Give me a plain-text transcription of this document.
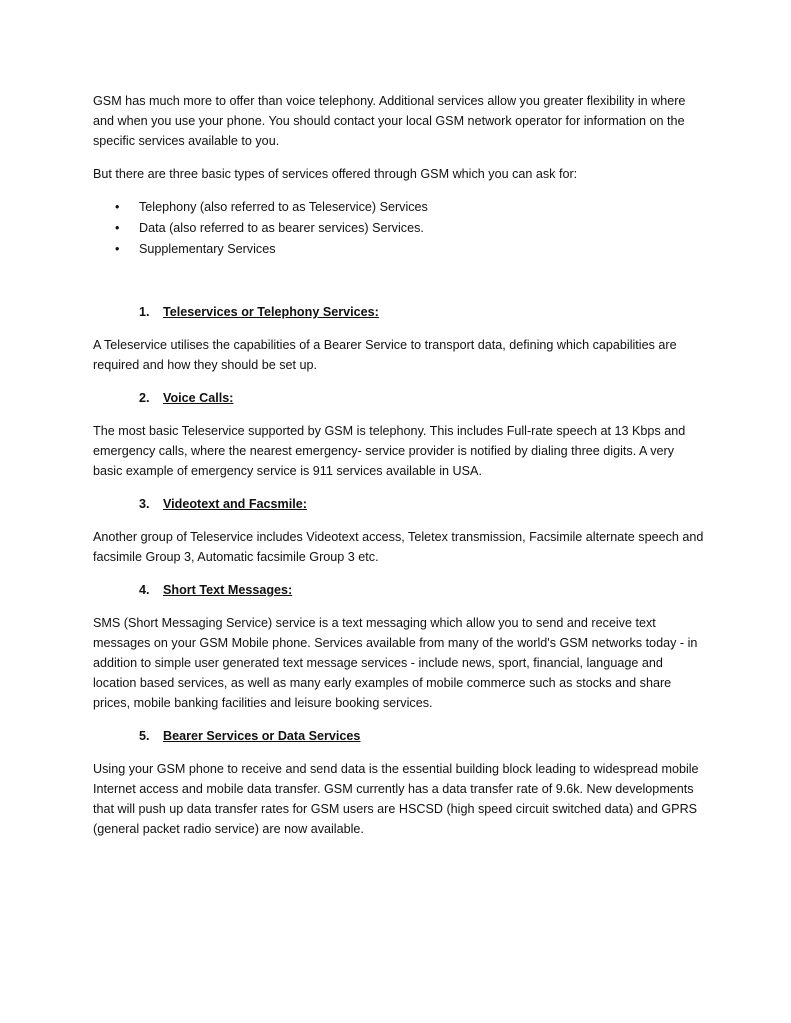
GSM has much more to offer than voice telephony. Additional services allow you greater flexibility in where and when you use your phone. You should contact your local GSM network operator for information on the specific services available to you.

But there are three basic types of services offered through GSM which you can ask for:

• Telephony (also referred to as Teleservice) Services
• Data (also referred to as bearer services) Services.
• Supplementary Services
1.	Teleservices or Telephony Services:

A Teleservice utilises the capabilities of a Bearer Service to transport data, defining which capabilities are required and how they should be set up.

2.	Voice Calls:

The most basic Teleservice supported by GSM is telephony. This includes Full-rate speech at 13 Kbps and emergency calls, where the nearest emergency- service provider is notified by dialing three digits. A very basic example of emergency service is 911 services available in USA.

3.	Videotext and Facsmile:

Another group of Teleservice includes Videotext access, Teletex transmission, Facsimile alternate speech and facsimile Group 3, Automatic facsimile Group 3 etc.

4.	Short Text Messages:

SMS (Short Messaging Service) service is a text messaging which allow you to send and receive text messages on your GSM Mobile phone. Services available from many of the world's GSM networks today - in addition to simple user generated text message services - include news, sport, financial, language and location based services, as well as many early examples of mobile commerce such as stocks and share prices, mobile banking facilities and leisure booking services.

5.	Bearer Services or Data Services

Using your GSM phone to receive and send data is the essential building block leading to widespread mobile Internet access and mobile data transfer. GSM currently has a data transfer rate of 9.6k. New developments that will push up data transfer rates for GSM users are HSCSD (high speed circuit switched data) and GPRS (general packet radio service) are now available.
